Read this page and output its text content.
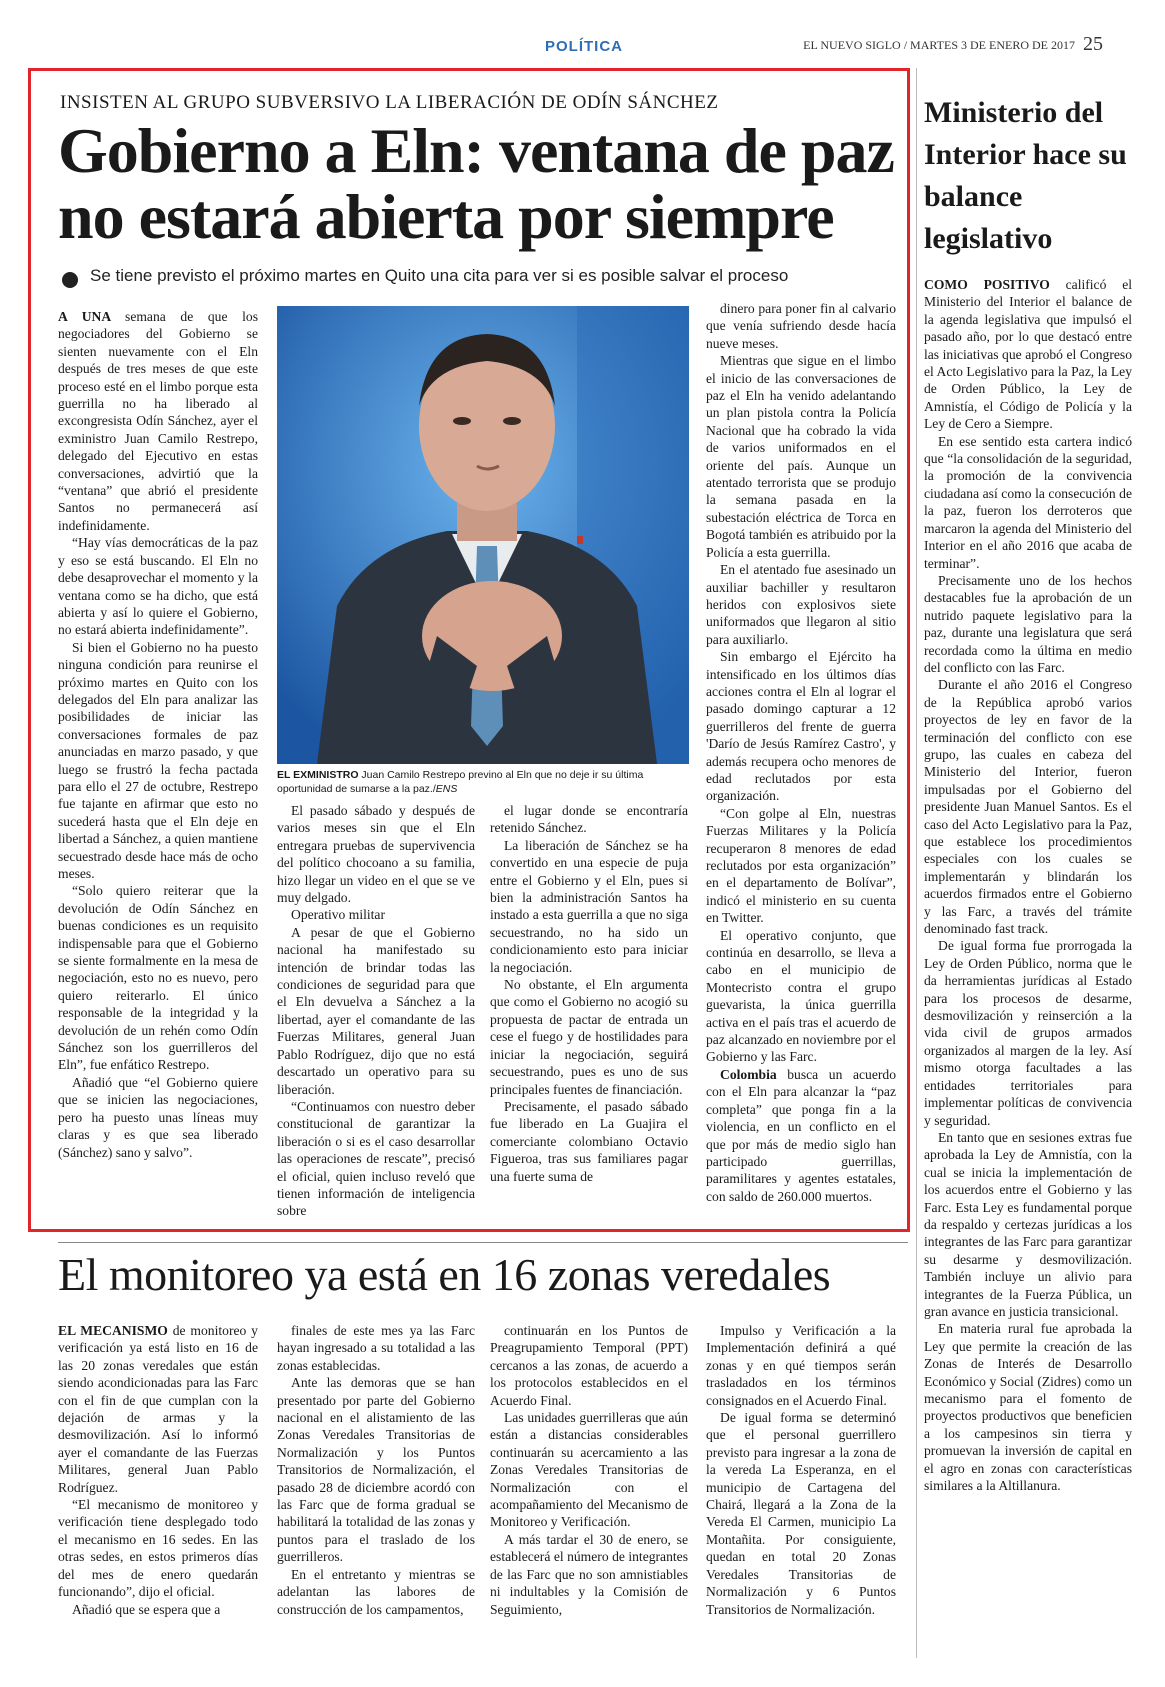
POLÍTICA	EL NUEVO SIGLO / MARTES 3 DE ENERO DE 2017 25
INSISTEN AL GRUPO SUBVERSIVO LA LIBERACIÓN DE ODÍN SÁNCHEZ
Gobierno a Eln: ventana de paz
no estará abierta por siempre
Se tiene previsto el próximo martes en Quito una cita para ver si es posible salvar el proceso
EL EXMINISTRO Juan Camilo Restrepo previno al Eln que no deje ir su última oportunidad de sumarse a la paz./ENS

A UNA semana de que los negociadores del Gobierno se sienten nuevamente con el Eln después de tres meses de que este proceso esté en el limbo porque esta guerrilla no ha liberado al excongresista Odín Sánchez, ayer el exministro Juan Camilo Restrepo, delegado del Ejecutivo en estas conversaciones, advirtió que la “ventana” que abrió el presidente Santos no permanecerá así indefinidamente.

“Hay vías democráticas de la paz y eso se está buscando. El Eln no debe desaprovechar el momento y la ventana como se ha dicho, que está abierta y así lo quiere el Gobierno, no estará abierta indefinidamente”.

Si bien el Gobierno no ha puesto ninguna condición para reunirse el próximo martes en Quito con los delegados del Eln para analizar las posibilidades de iniciar las conversaciones formales de paz anunciadas en marzo pasado, y que luego se frustró la fecha pactada para ello el 27 de octubre, Restrepo fue tajante en afirmar que esto no sucederá hasta que el Eln deje en libertad a Sánchez, a quien mantiene secuestrado desde hace más de ocho meses.

“Solo quiero reiterar que la devolución de Odín Sánchez en buenas condiciones es un requisito indispensable para que el Gobierno se siente formalmente en la mesa de negociación, esto no es nuevo, pero quiero reiterarlo. El único responsable de la integridad y la devolución de un rehén como Odín Sánchez son los guerrilleros del Eln”, fue enfático Restrepo.

Añadió que “el Gobierno quiere que se inicien las negociaciones, pero ha puesto unas líneas muy claras y es que sea liberado (Sánchez) sano y salvo”.

El pasado sábado y después de varios meses sin que el Eln entregara pruebas de supervivencia del político chocoano a su familia, hizo llegar un video en el que se ve muy delgado.

Operativo militar

A pesar de que el Gobierno nacional ha manifestado su intención de brindar todas las condiciones de seguridad para que el Eln devuelva a Sánchez a la libertad, ayer el comandante de las Fuerzas Militares, general Juan Pablo Rodríguez, dijo que no está descartado un operativo para su liberación.

“Continuamos con nuestro deber constitucional de garantizar la liberación o si es el caso desarrollar las operaciones de rescate”, precisó el oficial, quien incluso reveló que tienen información de inteligencia sobre

el lugar donde se encontraría retenido Sánchez.

La liberación de Sánchez se ha convertido en una especie de puja entre el Gobierno y el Eln, pues si bien la administración Santos ha instado a esta guerrilla a que no siga secuestrando, no ha sido un condicionamiento esto para iniciar la negociación.

No obstante, el Eln argumenta que como el Gobierno no acogió su propuesta de pactar de entrada un cese el fuego y de hostilidades para iniciar la negociación, seguirá secuestrando, pues es uno de sus principales fuentes de financiación.

Precisamente, el pasado sábado fue liberado en La Guajira el comerciante colombiano Octavio Figueroa, tras sus familiares pagar una fuerte suma de

dinero para poner fin al calvario que venía sufriendo desde hacía nueve meses.

Mientras que sigue en el limbo el inicio de las conversaciones de paz el Eln ha venido adelantando un plan pistola contra la Policía Nacional que ha cobrado la vida de varios uniformados en el oriente del país. Aunque un atentado terrorista que se produjo la semana pasada en la subestación eléctrica de Torca en Bogotá también es atribuido por la Policía a esta guerrilla.

En el atentado fue asesinado un auxiliar bachiller y resultaron heridos con explosivos siete uniformados que llegaron al sitio para auxiliarlo.

Sin embargo el Ejército ha intensificado en los últimos días acciones contra el Eln al lograr el pasado domingo capturar a 12 guerrilleros del frente de guerra 'Darío de Jesús Ramírez Castro', y además recupera ocho menores de edad reclutados por esta organización.

“Con golpe al Eln, nuestras Fuerzas Militares y la Policía recuperaron 8 menores de edad reclutados por esta organización” en el departamento de Bolívar”, indicó el ministerio en su cuenta en Twitter.

El operativo conjunto, que continúa en desarrollo, se lleva a cabo en el municipio de Montecristo contra el grupo guevarista, la única guerrilla activa en el país tras el acuerdo de paz alcanzado en noviembre por el Gobierno y las Farc.

Colombia busca un acuerdo con el Eln para alcanzar la “paz completa” que ponga fin a la violencia, en un conflicto en el que por más de medio siglo han participado guerrillas, paramilitares y agentes estatales, con saldo de 260.000 muertos.

Ministerio del Interior hace su balance legislativo

COMO POSITIVO calificó el Ministerio del Interior el balance de la agenda legislativa que impulsó el pasado año, por lo que destacó entre las iniciativas que aprobó el Congreso el Acto Legislativo para la Paz, la Ley de Orden Público, la Ley de Amnistía, el Código de Policía y la Ley de Cero a Siempre.

En ese sentido esta cartera indicó que “la consolidación de la seguridad, la promoción de la convivencia ciudadana así como la consecución de la paz, fueron los derroteros que marcaron la agenda del Ministerio del Interior en el año 2016 que acaba de terminar”.

Precisamente uno de los hechos destacables fue la aprobación de un nutrido paquete legislativo para la paz, durante una legislatura que será recordada como la última en medio del conflicto con las Farc.

Durante el año 2016 el Congreso de la República aprobó varios proyectos de ley en favor de la terminación del conflicto con ese grupo, las cuales en cabeza del Ministerio del Interior, fueron impulsadas por el Gobierno del presidente Juan Manuel Santos. Es el caso del Acto Legislativo para la Paz, que establece los procedimientos especiales con los cuales se implementarán y blindarán los acuerdos firmados entre el Gobierno y las Farc, a través del trámite denominado fast track.

De igual forma fue prorrogada la Ley de Orden Público, norma que le da herramientas jurídicas al Estado para los procesos de desarme, desmovilización y reinserción a la vida civil de grupos armados organizados al margen de la ley. Así mismo otorga facultades a las entidades territoriales para implementar políticas de convivencia y seguridad.

En tanto que en sesiones extras fue aprobada la Ley de Amnistía, con la cual se inicia la implementación de los acuerdos entre el Gobierno y las Farc. Esta Ley es fundamental porque da respaldo y certezas jurídicas a los integrantes de las Farc para garantizar su desarme y desmovilización. También incluye un alivio para integrantes de la Fuerza Pública, un gran avance en justicia transicional.

En materia rural fue aprobada la Ley que permite la creación de las Zonas de Interés de Desarrollo Económico y Social (Zidres) como un mecanismo para el fomento de proyectos productivos que beneficien a los campesinos sin tierra y promuevan la inversión de capital en el agro en zonas con características similares a la Altillanura.

El monitoreo ya está en 16 zonas veredales

EL MECANISMO de monitoreo y verificación ya está listo en 16 de las 20 zonas veredales que están siendo acondicionadas para las Farc con el fin de que cumplan con la dejación de armas y la desmovilización. Así lo informó ayer el comandante de las Fuerzas Militares, general Juan Pablo Rodríguez.

“El mecanismo de monitoreo y verificación tiene desplegado todo el mecanismo en 16 sedes. En las otras sedes, en estos primeros días del mes de enero quedarán funcionando”, dijo el oficial.

Añadió que se espera que a

finales de este mes ya las Farc hayan ingresado a su totalidad a las zonas establecidas.

Ante las demoras que se han presentado por parte del Gobierno nacional en el alistamiento de las Zonas Veredales Transitorias de Normalización y los Puntos Transitorios de Normalización, el pasado 28 de diciembre acordó con las Farc que de forma gradual se habilitará la totalidad de las zonas y puntos para el traslado de los guerrilleros.

En el entretanto y mientras se adelantan las labores de construcción de los campamentos,

continuarán en los Puntos de Preagrupamiento Temporal (PPT) cercanos a las zonas, de acuerdo a los protocolos establecidos en el Acuerdo Final.

Las unidades guerrilleras que aún están a distancias considerables continuarán su acercamiento a las Zonas Veredales Transitorias de Normalización con el acompañamiento del Mecanismo de Monitoreo y Verificación.

A más tardar el 30 de enero, se establecerá el número de integrantes de las Farc que no son amnistiables ni indultables y la Comisión de Seguimiento,

Impulso y Verificación a la Implementación definirá a qué zonas y en qué tiempos serán trasladados en los términos consignados en el Acuerdo Final.

De igual forma se determinó que el personal guerrillero previsto para ingresar a la zona de la vereda La Esperanza, en el municipio de Cartagena del Chairá, llegará a la Zona de la Vereda El Carmen, municipio La Montañita. Por consiguiente, quedan en total 20 Zonas Veredales Transitorias de Normalización y 6 Puntos Transitorios de Normalización.
